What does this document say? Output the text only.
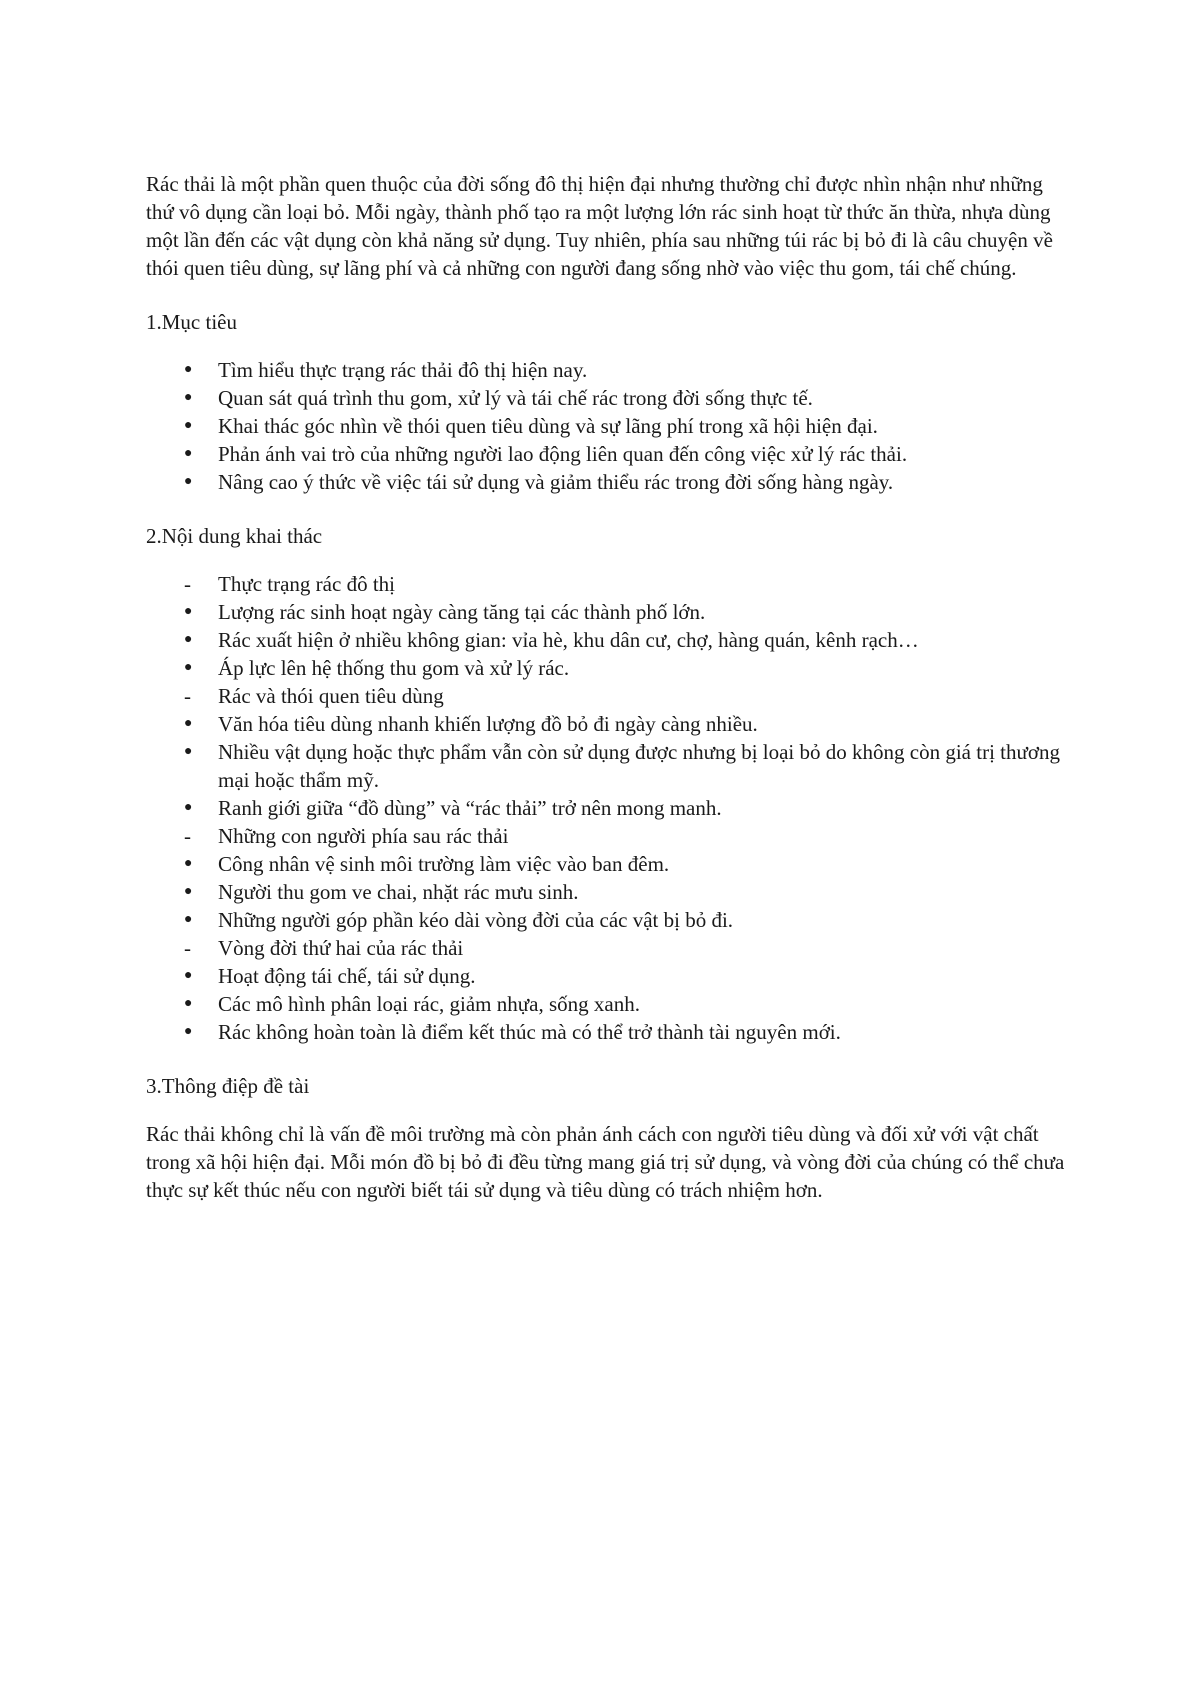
Rác thải là một phần quen thuộc của đời sống đô thị hiện đại nhưng thường chỉ được nhìn nhận như những thứ vô dụng cần loại bỏ. Mỗi ngày, thành phố tạo ra một lượng lớn rác sinh hoạt từ thức ăn thừa, nhựa dùng một lần đến các vật dụng còn khả năng sử dụng. Tuy nhiên, phía sau những túi rác bị bỏ đi là câu chuyện về thói quen tiêu dùng, sự lãng phí và cả những con người đang sống nhờ vào việc thu gom, tái chế chúng.

1.Mục tiêu

●	Tìm hiểu thực trạng rác thải đô thị hiện nay.
●	Quan sát quá trình thu gom, xử lý và tái chế rác trong đời sống thực tế.
●	Khai thác góc nhìn về thói quen tiêu dùng và sự lãng phí trong xã hội hiện đại.
●	Phản ánh vai trò của những người lao động liên quan đến công việc xử lý rác thải.
●	Nâng cao ý thức về việc tái sử dụng và giảm thiểu rác trong đời sống hàng ngày.

2.Nội dung khai thác

-	Thực trạng rác đô thị
●	Lượng rác sinh hoạt ngày càng tăng tại các thành phố lớn.
●	Rác xuất hiện ở nhiều không gian: vỉa hè, khu dân cư, chợ, hàng quán, kênh rạch…
●	Áp lực lên hệ thống thu gom và xử lý rác.
-	Rác và thói quen tiêu dùng
●	Văn hóa tiêu dùng nhanh khiến lượng đồ bỏ đi ngày càng nhiều.
●	Nhiều vật dụng hoặc thực phẩm vẫn còn sử dụng được nhưng bị loại bỏ do không còn giá trị thương mại hoặc thẩm mỹ.
●	Ranh giới giữa “đồ dùng” và “rác thải” trở nên mong manh.
-	Những con người phía sau rác thải
●	Công nhân vệ sinh môi trường làm việc vào ban đêm.
●	Người thu gom ve chai, nhặt rác mưu sinh.
●	Những người góp phần kéo dài vòng đời của các vật bị bỏ đi.
-	Vòng đời thứ hai của rác thải
●	Hoạt động tái chế, tái sử dụng.
●	Các mô hình phân loại rác, giảm nhựa, sống xanh.
●	Rác không hoàn toàn là điểm kết thúc mà có thể trở thành tài nguyên mới.

3.Thông điệp đề tài

Rác thải không chỉ là vấn đề môi trường mà còn phản ánh cách con người tiêu dùng và đối xử với vật chất trong xã hội hiện đại. Mỗi món đồ bị bỏ đi đều từng mang giá trị sử dụng, và vòng đời của chúng có thể chưa thực sự kết thúc nếu con người biết tái sử dụng và tiêu dùng có trách nhiệm hơn.
